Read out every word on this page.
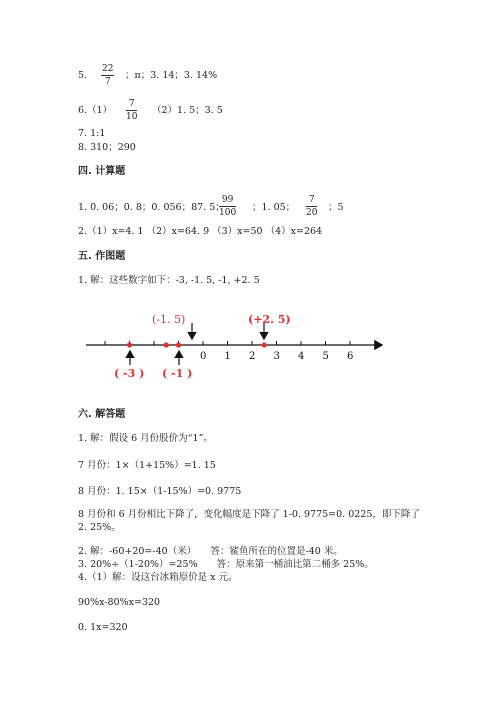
5.
22
7
；π；3. 14；3. 14%
6.（1）
7
10
（2）1. 5；3. 5
7. 1:1
8. 310；290
四. 计算题
1. 0. 06；0. 8；0. 056；87. 5；
99
100 ；1. 05；
7
20 ；5
2.（1）x=4. 1 （2）x=64. 9 （3）x=50 （4）x=264
五. 作图题
1. 解：这些数字如下：-3, -1. 5, -1, +2. 5
0 1 2 3 4 5 6
(-1. 5)	(+2. 5)
( -3 ) ( -1 )
六. 解答题
1. 解：假设 6 月份股价为“1”。
7 月份：1×（1+15%）=1. 15
8 月份：1. 15×（1-15%）=0. 9775
8 月份和 6 月份相比下降了，变化幅度是下降了 1-0. 9775=0. 0225，即下降了
2. 25%。
2. 解：-60+20=-40（米）　　答：鲨鱼所在的位置是-40 米。
3. 20%÷（1-20%）=25%　　答：原来第一桶油比第二桶多 25%。
4.（1）解：设这台冰箱原价是 x 元。
90%x-80%x=320
0. 1x=320
